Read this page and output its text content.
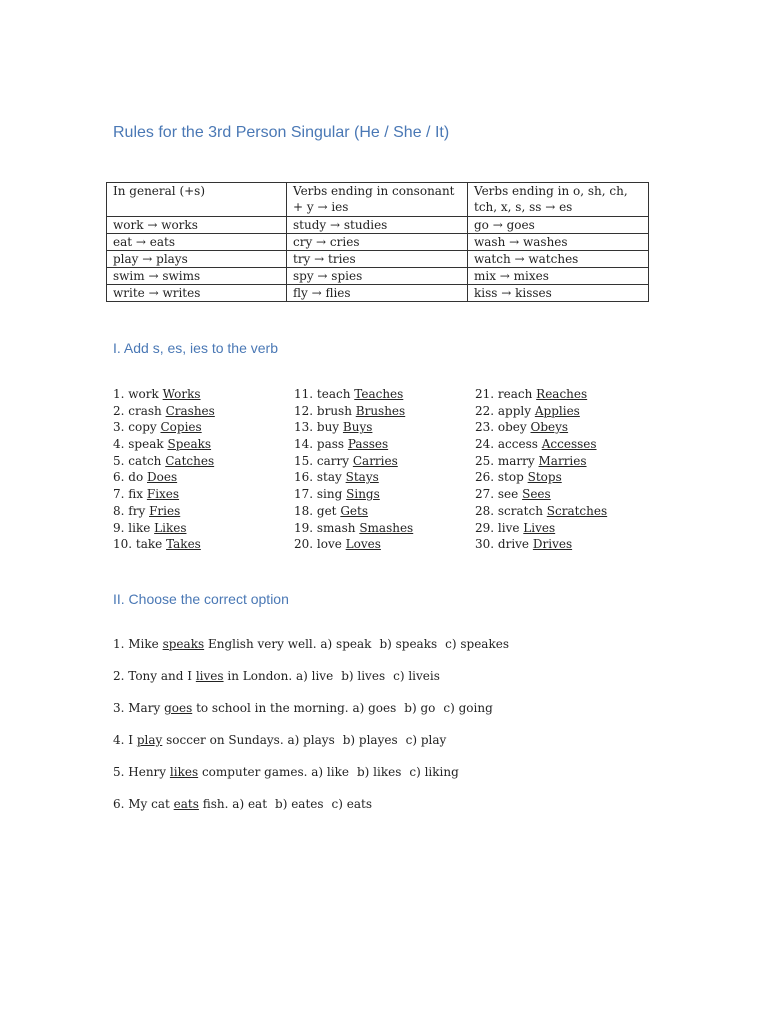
Rules for the 3rd Person Singular (He / She / It)
In general (+s)	Verbs ending in consonant + y → ies	Verbs ending in o, sh, ch, tch, x, s, ss → es
work → works	study → studies	go → goes
eat → eats	cry → cries	wash → washes
play → plays	try → tries	watch → watches
swim → swims	spy → spies	mix → mixes
write → writes	fly → flies	kiss → kisses
I. Add s, es, ies to the verb
1. work Works
2. crash Crashes
3. copy Copies
4. speak Speaks
5. catch Catches
6. do Does
7. fix Fixes
8. fry Fries
9. like Likes
10. take Takes
11. teach Teaches
12. brush Brushes
13. buy Buys
14. pass Passes
15. carry Carries
16. stay Stays
17. sing Sings
18. get Gets
19. smash Smashes
20. love Loves
21. reach Reaches
22. apply Applies
23. obey Obeys
24. access Accesses
25. marry Marries
26. stop Stops
27. see Sees
28. scratch Scratches
29. live Lives
30. drive Drives
II. Choose the correct option
1. Mike speaks English very well. a) speak b) speaks c) speakes
2. Tony and I lives in London. a) live b) lives c) liveis
3. Mary goes to school in the morning. a) goes b) go c) going
4. I play soccer on Sundays. a) plays b) playes c) play
5. Henry likes computer games. a) like b) likes c) liking
6. My cat eats fish. a) eat b) eates c) eats
